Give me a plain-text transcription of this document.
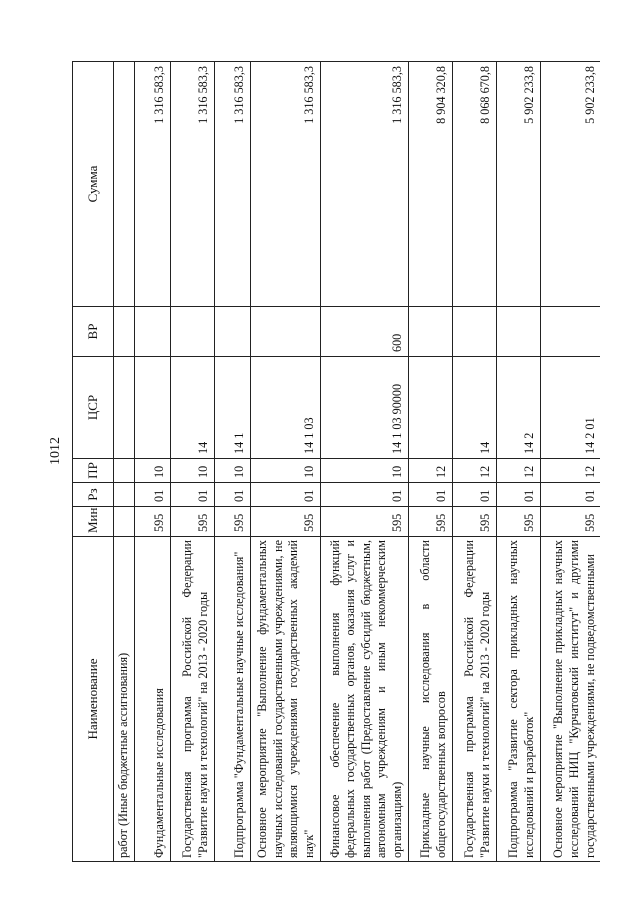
1012
Наименование	Мин	Рз	ПР	ЦСР	ВР	Сумма
работ (Иные бюджетные ассигнования)						
Фундаментальные исследования	595	01	10			1 316 583,3
Государственная программа Российской Федерации "Развитие науки и технологий" на 2013 - 2020 годы	595	01	10	14		1 316 583,3
Подпрограмма "Фундаментальные научные исследования"	595	01	10	14 1		1 316 583,3
Основное мероприятие "Выполнение фундаментальных научных исследований государственными учреждениями, не являющимися учреждениями государственных академий наук"	595	01	10	14 1 03		1 316 583,3
Финансовое обеспечение выполнения функций федеральных государственных органов, оказания услуг и выполнения работ (Предоставление субсидий бюджетным, автономным учреждениям и иным некоммерческим организациям)	595	01	10	14 1 03 90000	600	1 316 583,3
Прикладные научные исследования в области общегосударственных вопросов	595	01	12			8 904 320,8
Государственная программа Российской Федерации "Развитие науки и технологий" на 2013 - 2020 годы	595	01	12	14		8 068 670,8
Подпрограмма "Развитие сектора прикладных научных исследований и разработок"	595	01	12	14 2		5 902 233,8
Основное мероприятие "Выполнение прикладных научных исследований НИЦ "Курчатовский институт" и другими государственными учреждениями, не подведомственными	595	01	12	14 2 01		5 902 233,8
